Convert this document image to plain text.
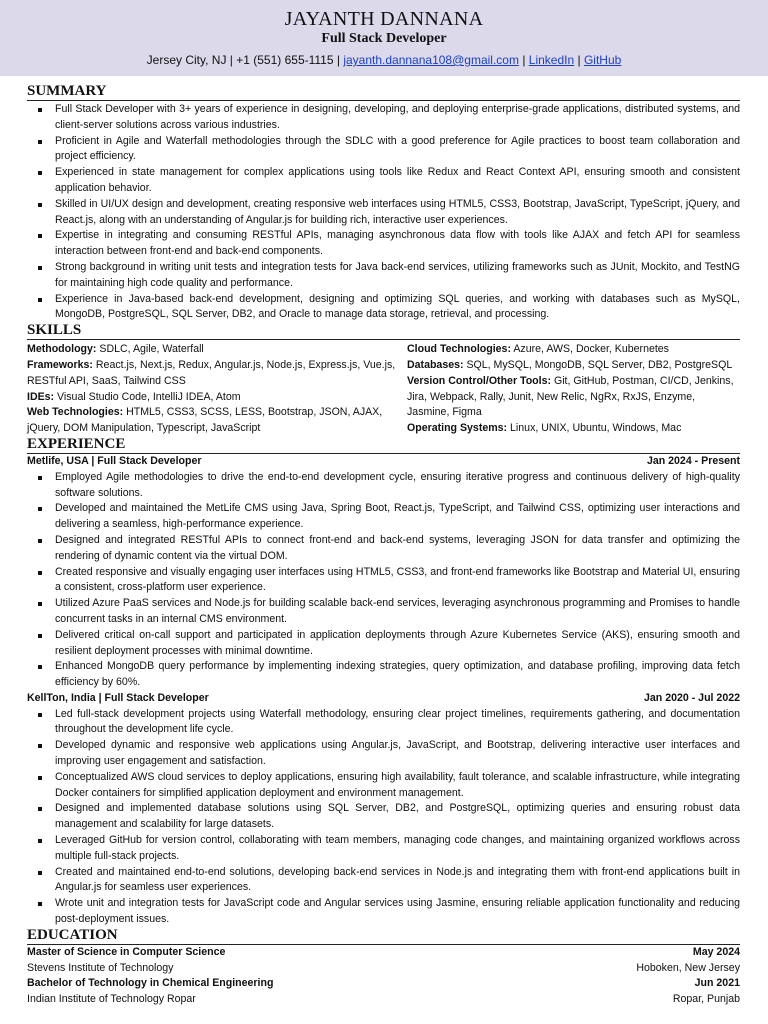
JAYANTH DANNANA
Full Stack Developer
Jersey City, NJ | +1 (551) 655-1115 | jayanth.dannana108@gmail.com | LinkedIn | GitHub
SUMMARY
Full Stack Developer with 3+ years of experience in designing, developing, and deploying enterprise-grade applications, distributed systems, and client-server solutions across various industries.
Proficient in Agile and Waterfall methodologies through the SDLC with a good preference for Agile practices to boost team collaboration and project efficiency.
Experienced in state management for complex applications using tools like Redux and React Context API, ensuring smooth and consistent application behavior.
Skilled in UI/UX design and development, creating responsive web interfaces using HTML5, CSS3, Bootstrap, JavaScript, TypeScript, jQuery, and React.js, along with an understanding of Angular.js for building rich, interactive user experiences.
Expertise in integrating and consuming RESTful APIs, managing asynchronous data flow with tools like AJAX and fetch API for seamless interaction between front-end and back-end components.
Strong background in writing unit tests and integration tests for Java back-end services, utilizing frameworks such as JUnit, Mockito, and TestNG for maintaining high code quality and performance.
Experience in Java-based back-end development, designing and optimizing SQL queries, and working with databases such as MySQL, MongoDB, PostgreSQL, SQL Server, DB2, and Oracle to manage data storage, retrieval, and processing.
SKILLS
Methodology: SDLC, Agile, Waterfall
Frameworks: React.js, Next.js, Redux, Angular.js, Node.js, Express.js, Vue.js, RESTful API, SaaS, Tailwind CSS
IDEs: Visual Studio Code, IntelliJ IDEA, Atom
Web Technologies: HTML5, CSS3, SCSS, LESS, Bootstrap, JSON, AJAX, jQuery, DOM Manipulation, Typescript, JavaScript
Cloud Technologies: Azure, AWS, Docker, Kubernetes
Databases: SQL, MySQL, MongoDB, SQL Server, DB2, PostgreSQL
Version Control/Other Tools: Git, GitHub, Postman, CI/CD, Jenkins, Jira, Webpack, Rally, Junit, New Relic, NgRx, RxJS, Enzyme, Jasmine, Figma
Operating Systems: Linux, UNIX, Ubuntu, Windows, Mac
EXPERIENCE
Metlife, USA | Full Stack Developer	Jan 2024 - Present
Employed Agile methodologies to drive the end-to-end development cycle, ensuring iterative progress and continuous delivery of high-quality software solutions.
Developed and maintained the MetLife CMS using Java, Spring Boot, React.js, TypeScript, and Tailwind CSS, optimizing user interactions and delivering a seamless, high-performance experience.
Designed and integrated RESTful APIs to connect front-end and back-end systems, leveraging JSON for data transfer and optimizing the rendering of dynamic content via the virtual DOM.
Created responsive and visually engaging user interfaces using HTML5, CSS3, and front-end frameworks like Bootstrap and Material UI, ensuring a consistent, cross-platform user experience.
Utilized Azure PaaS services and Node.js for building scalable back-end services, leveraging asynchronous programming and Promises to handle concurrent tasks in an internal CMS environment.
Delivered critical on-call support and participated in application deployments through Azure Kubernetes Service (AKS), ensuring smooth and resilient deployment processes with minimal downtime.
Enhanced MongoDB query performance by implementing indexing strategies, query optimization, and database profiling, improving data fetch efficiency by 60%.
KellTon, India | Full Stack Developer	Jan 2020 - Jul 2022
Led full-stack development projects using Waterfall methodology, ensuring clear project timelines, requirements gathering, and documentation throughout the development life cycle.
Developed dynamic and responsive web applications using Angular.js, JavaScript, and Bootstrap, delivering interactive user interfaces and improving user engagement and satisfaction.
Conceptualized AWS cloud services to deploy applications, ensuring high availability, fault tolerance, and scalable infrastructure, while integrating Docker containers for simplified application deployment and environment management.
Designed and implemented database solutions using SQL Server, DB2, and PostgreSQL, optimizing queries and ensuring robust data management and scalability for large datasets.
Leveraged GitHub for version control, collaborating with team members, managing code changes, and maintaining organized workflows across multiple full-stack projects.
Created and maintained end-to-end solutions, developing back-end services in Node.js and integrating them with front-end applications built in Angular.js for seamless user experiences.
Wrote unit and integration tests for JavaScript code and Angular services using Jasmine, ensuring reliable application functionality and reducing post-deployment issues.
EDUCATION
Master of Science in Computer Science	May 2024
Stevens Institute of Technology	Hoboken, New Jersey
Bachelor of Technology in Chemical Engineering	Jun 2021
Indian Institute of Technology Ropar	Ropar, Punjab
